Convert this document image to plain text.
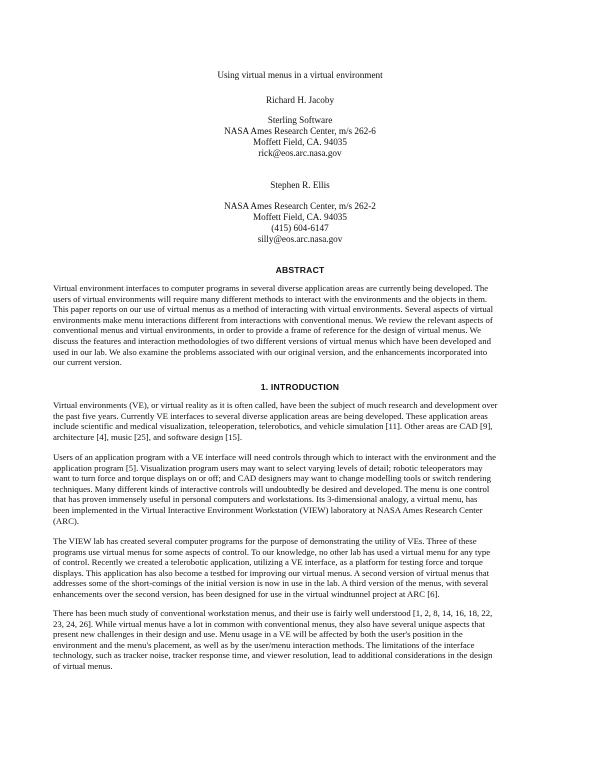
Using virtual menus in a virtual environment
Richard H. Jacoby
Sterling Software
NASA Ames Research Center, m/s 262-6
Moffett Field, CA. 94035
rick@eos.arc.nasa.gov
Stephen R. Ellis
NASA Ames Research Center, m/s 262-2
Moffett Field, CA. 94035
(415) 604-6147
silly@eos.arc.nasa.gov
ABSTRACT
Virtual environment interfaces to computer programs in several diverse application areas are currently being developed. The
users of virtual environments will require many different methods to interact with the environments and the objects in them.
This paper reports on our use of virtual menus as a method of interacting with virtual environments. Several aspects of virtual
environments make menu interactions different from interactions with conventional menus. We review the relevant aspects of
conventional menus and virtual environments, in order to provide a frame of reference for the design of virtual menus. We
discuss the features and interaction methodologies of two different versions of virtual menus which have been developed and
used in our lab. We also examine the problems associated with our original version, and the enhancements incorporated into
our current version.
1. INTRODUCTION
Virtual environments (VE), or virtual reality as it is often called, have been the subject of much research and development over
the past five years. Currently VE interfaces to several diverse application areas are being developed. These application areas
include scientific and medical visualization, teleoperation, telerobotics, and vehicle simulation [11]. Other areas are CAD [9],
architecture [4], music [25], and software design [15].
Users of an application program with a VE interface will need controls through which to interact with the environment and the
application program [5]. Visualization program users may want to select varying levels of detail; robotic teleoperators may
want to turn force and torque displays on or off; and CAD designers may want to change modelling tools or switch rendering
techniques. Many different kinds of interactive controls will undoubtedly be desired and developed. The menu is one control
that has proven immensely useful in personal computers and workstations. Its 3-dimensional analogy, a virtual menu, has
been implemented in the Virtual Interactive Environment Workstation (VIEW) laboratory at NASA Ames Research Center
(ARC).
The VIEW lab has created several computer programs for the purpose of demonstrating the utility of VEs. Three of these
programs use virtual menus for some aspects of control. To our knowledge, no other lab has used a virtual menu for any type
of control. Recently we created a telerobotic application, utilizing a VE interface, as a platform for testing force and torque
displays. This application has also become a testbed for improving our virtual menus. A second version of virtual menus that
addresses some of the short-comings of the initial version is now in use in the lab. A third version of the menus, with several
enhancements over the second version, has been designed for use in the virtual windtunnel project at ARC [6].
There has been much study of conventional workstation menus, and their use is fairly well understood [1, 2, 8, 14, 16, 18, 22,
23, 24, 26]. While virtual menus have a lot in common with conventional menus, they also have several unique aspects that
present new challenges in their design and use. Menu usage in a VE will be affected by both the user's position in the
environment and the menu's placement, as well as by the user/menu interaction methods. The limitations of the interface
technology, such as tracker noise, tracker response time, and viewer resolution, lead to additional considerations in the design
of virtual menus.
